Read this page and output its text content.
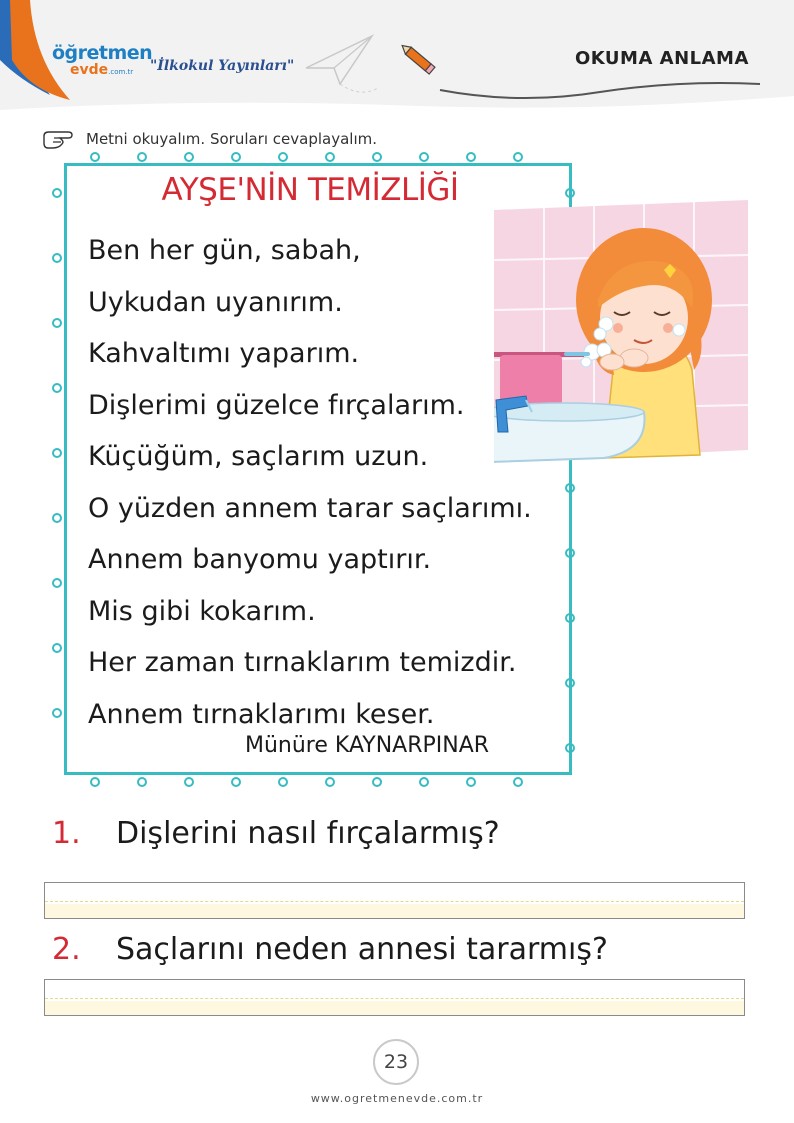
öğretmen
evde.com.tr	"İlkokul Yayınları"	OKUMA ANLAMA
Metni okuyalım. Soruları cevaplayalım.
AYŞE'NİN TEMİZLİĞİ
Ben her gün, sabah,
Uykudan uyanırım.
Kahvaltımı yaparım.
Dişlerimi güzelce fırçalarım.
Küçüğüm, saçlarım uzun.
O yüzden annem tarar saçlarımı.
Annem banyomu yaptırır.
Mis gibi kokarım.
Her zaman tırnaklarım temizdir.
Annem tırnaklarımı keser.
Münüre KAYNARPINAR
1. Dişlerini nasıl fırçalarmış?
2. Saçlarını neden annesi tararmış?
23
www.ogretmenevde.com.tr
